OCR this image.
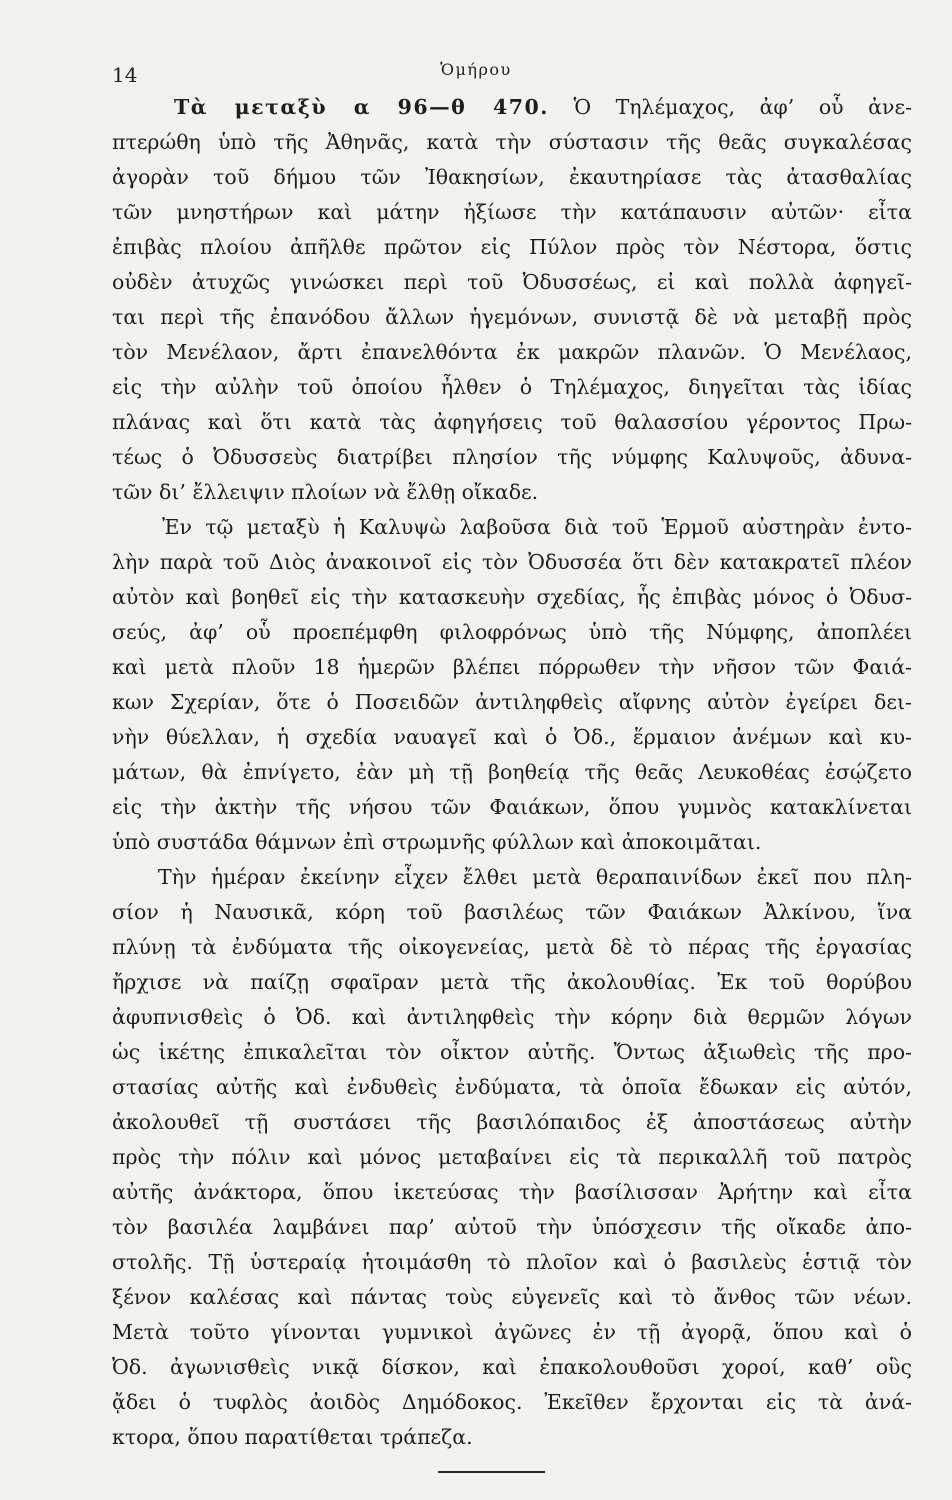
14	Ὁμήρου
Τὰ μεταξὺ α 96—θ 470. Ὁ Τηλέμαχος, ἀφ’ οὗ ἀνε-
πτερώθη ὑπὸ τῆς Ἀθηνᾶς, κατὰ τὴν σύστασιν τῆς θεᾶς συγκαλέσας
ἀγορὰν τοῦ δήμου τῶν Ἰθακησίων, ἐκαυτηρίασε τὰς ἀτασθαλίας
τῶν μνηστήρων καὶ μάτην ἠξίωσε τὴν κατάπαυσιν αὐτῶν· εἶτα
ἐπιβὰς πλοίου ἀπῆλθε πρῶτον εἰς Πύλον πρὸς τὸν Νέστορα, ὅστις
οὐδὲν ἀτυχῶς γινώσκει περὶ τοῦ Ὀδυσσέως, εἰ καὶ πολλὰ ἀφηγεῖ-
ται περὶ τῆς ἐπανόδου ἄλλων ἡγεμόνων, συνιστᾷ δὲ νὰ μεταβῇ πρὸς
τὸν Μενέλαον, ἄρτι ἐπανελθόντα ἐκ μακρῶν πλανῶν. Ὁ Μενέλαος,
εἰς τὴν αὐλὴν τοῦ ὁποίου ἦλθεν ὁ Τηλέμαχος, διηγεῖται τὰς ἰδίας
πλάνας καὶ ὅτι κατὰ τὰς ἀφηγήσεις τοῦ θαλασσίου γέροντος Πρω-
τέως ὁ Ὀδυσσεὺς διατρίβει πλησίον τῆς νύμφης Καλυψοῦς, ἀδυνα-
τῶν δι’ ἔλλειψιν πλοίων νὰ ἔλθῃ οἴκαδε.
Ἐν τῷ μεταξὺ ἡ Καλυψὼ λαβοῦσα διὰ τοῦ Ἑρμοῦ αὐστηρὰν ἐντο-
λὴν παρὰ τοῦ Διὸς ἀνακοινοῖ εἰς τὸν Ὀδυσσέα ὅτι δὲν κατακρατεῖ πλέον
αὐτὸν καὶ βοηθεῖ εἰς τὴν κατασκευὴν σχεδίας, ἧς ἐπιβὰς μόνος ὁ Ὀδυσ-
σεύς, ἀφ’ οὗ προεπέμφθη φιλοφρόνως ὑπὸ τῆς Νύμφης, ἀποπλέει
καὶ μετὰ πλοῦν 18 ἡμερῶν βλέπει πόρρωθεν τὴν νῆσον τῶν Φαιά-
κων Σχερίαν, ὅτε ὁ Ποσειδῶν ἀντιληφθεὶς αἴφνης αὐτὸν ἐγείρει δει-
νὴν θύελλαν, ἡ σχεδία ναυαγεῖ καὶ ὁ Ὀδ., ἕρμαιον ἀνέμων καὶ κυ-
μάτων, θὰ ἐπνίγετο, ἐὰν μὴ τῇ βοηθείᾳ τῆς θεᾶς Λευκοθέας ἐσῴζετο
εἰς τὴν ἀκτὴν τῆς νήσου τῶν Φαιάκων, ὅπου γυμνὸς κατακλίνεται
ὑπὸ συστάδα θάμνων ἐπὶ στρωμνῆς φύλλων καὶ ἀποκοιμᾶται.
Τὴν ἡμέραν ἐκείνην εἶχεν ἔλθει μετὰ θεραπαινίδων ἐκεῖ που πλη-
σίον ἡ Ναυσικᾶ, κόρη τοῦ βασιλέως τῶν Φαιάκων Ἀλκίνου, ἵνα
πλύνῃ τὰ ἐνδύματα τῆς οἰκογενείας, μετὰ δὲ τὸ πέρας τῆς ἐργασίας
ἤρχισε νὰ παίζῃ σφαῖραν μετὰ τῆς ἀκολουθίας. Ἐκ τοῦ θορύβου
ἀφυπνισθεὶς ὁ Ὀδ. καὶ ἀντιληφθεὶς τὴν κόρην διὰ θερμῶν λόγων
ὡς ἱκέτης ἐπικαλεῖται τὸν οἶκτον αὐτῆς. Ὄντως ἀξιωθεὶς τῆς προ-
στασίας αὐτῆς καὶ ἐνδυθεὶς ἐνδύματα, τὰ ὁποῖα ἔδωκαν εἰς αὐτόν,
ἀκολουθεῖ τῇ συστάσει τῆς βασιλόπαιδος ἐξ ἀποστάσεως αὐτὴν
πρὸς τὴν πόλιν καὶ μόνος μεταβαίνει εἰς τὰ περικαλλῆ τοῦ πατρὸς
αὐτῆς ἀνάκτορα, ὅπου ἱκετεύσας τὴν βασίλισσαν Ἀρήτην καὶ εἶτα
τὸν βασιλέα λαμβάνει παρ’ αὐτοῦ τὴν ὑπόσχεσιν τῆς οἴκαδε ἀπο-
στολῆς. Τῇ ὑστεραίᾳ ἡτοιμάσθη τὸ πλοῖον καὶ ὁ βασιλεὺς ἑστιᾷ τὸν
ξένον καλέσας καὶ πάντας τοὺς εὐγενεῖς καὶ τὸ ἄνθος τῶν νέων.
Μετὰ τοῦτο γίνονται γυμνικοὶ ἀγῶνες ἐν τῇ ἀγορᾷ, ὅπου καὶ ὁ
Ὀδ. ἀγωνισθεὶς νικᾷ δίσκον, καὶ ἐπακολουθοῦσι χοροί, καθ’ οὓς
ᾄδει ὁ τυφλὸς ἀοιδὸς Δημόδοκος. Ἐκεῖθεν ἔρχονται εἰς τὰ ἀνά-
κτορα, ὅπου παρατίθεται τράπεζα.
